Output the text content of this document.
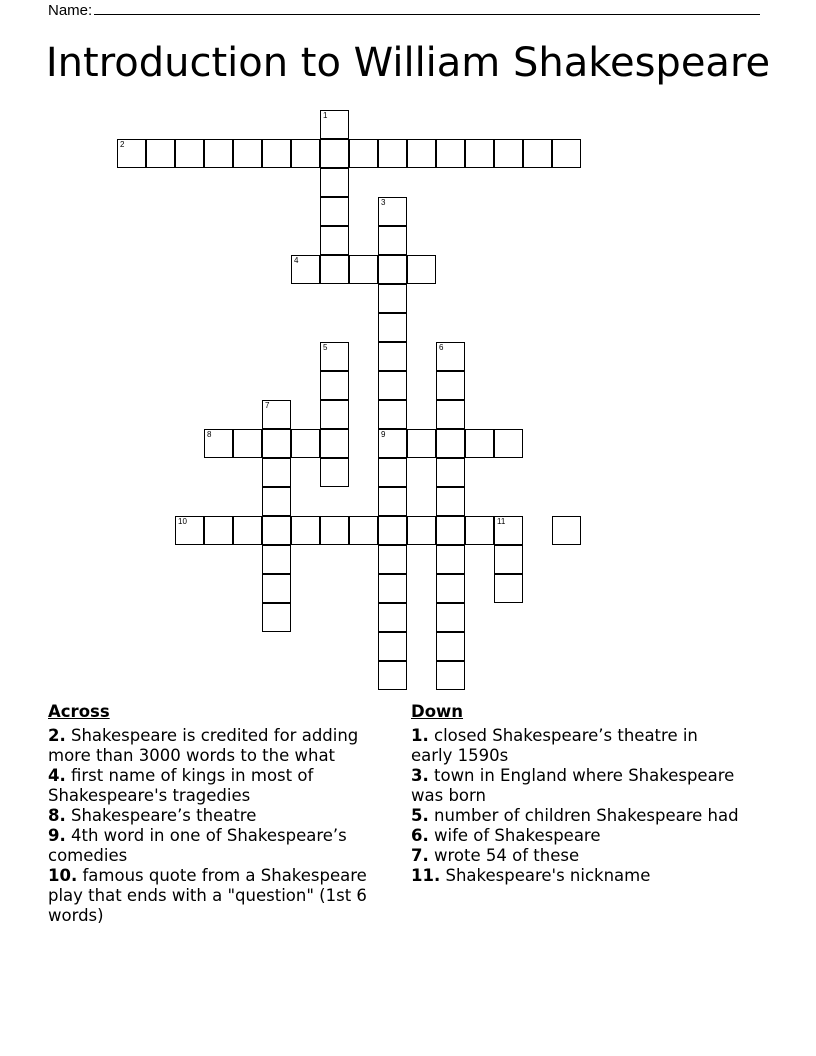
Name:
Introduction to William Shakespeare
2
1
3
9
4
5	6
7
8
10	11
Across
2. Shakespeare is credited for adding more than 3000 words to the what
4. first name of kings in most of Shakespeare's tragedies
8. Shakespeare’s theatre
9. 4th word in one of Shakespeare’s comedies
10. famous quote from a Shakespeare play that ends with a "question" (1st 6 words)
Down
1. closed Shakespeare’s theatre in early 1590s
3. town in England where Shakespeare was born
5. number of children Shakespeare had
6. wife of Shakespeare
7. wrote 54 of these
11. Shakespeare's nickname
